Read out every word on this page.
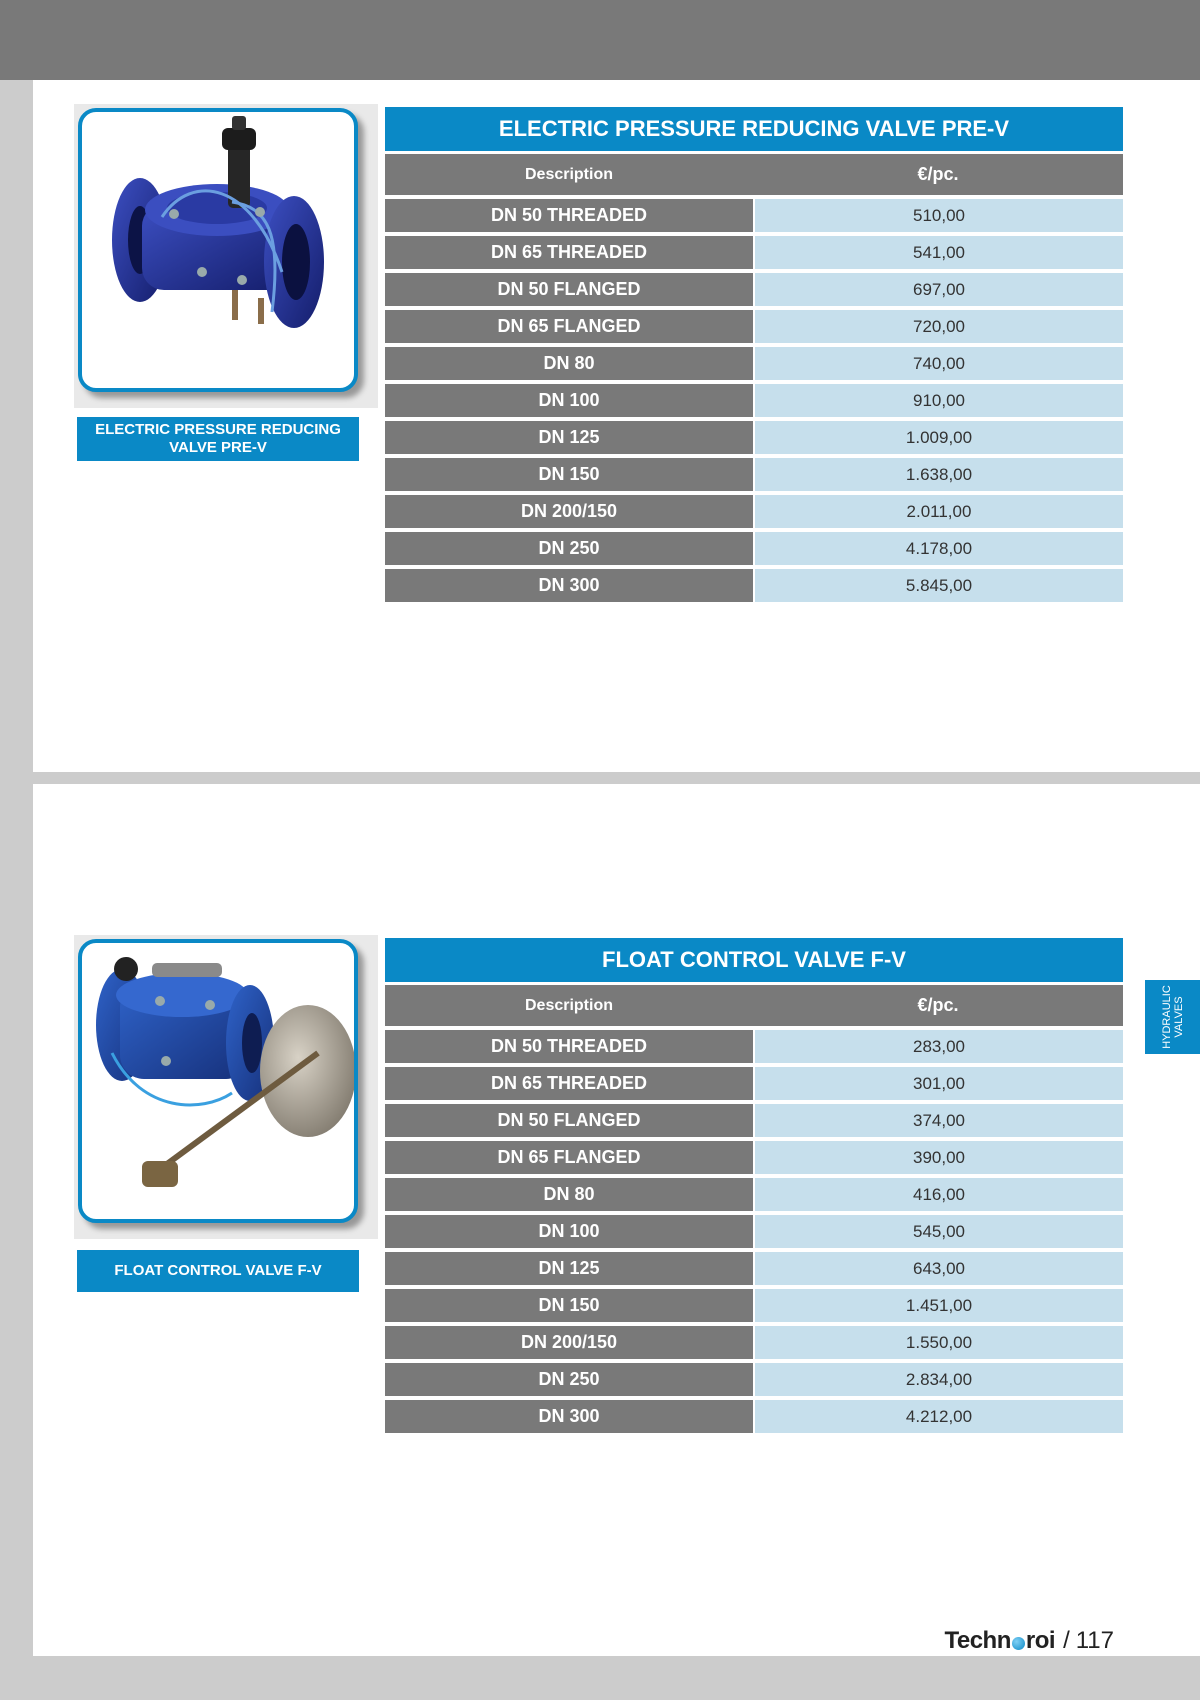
ELECTRIC PRESSURE REDUCING VALVE PRE-V
ELECTRIC PRESSURE REDUCING VALVE PRE-V
Description	€/pc.
DN 50 THREADED	510,00
DN 65 THREADED	541,00
DN 50 FLANGED	697,00
DN 65 FLANGED	720,00
DN 80	740,00
DN 100	910,00
DN 125	1.009,00
DN 150	1.638,00
DN 200/150	2.011,00
DN 250	4.178,00
DN 300	5.845,00
FLOAT CONTROL VALVE F-V
FLOAT CONTROL VALVE F-V
Description	€/pc.
DN 50 THREADED	283,00
DN 65 THREADED	301,00
DN 50 FLANGED	374,00
DN 65 FLANGED	390,00
DN 80	416,00
DN 100	545,00
DN 125	643,00
DN 150	1.451,00
DN 200/150	1.550,00
DN 250	2.834,00
DN 300	4.212,00
HYDRAULIC VALVES
Techn roi / 117
